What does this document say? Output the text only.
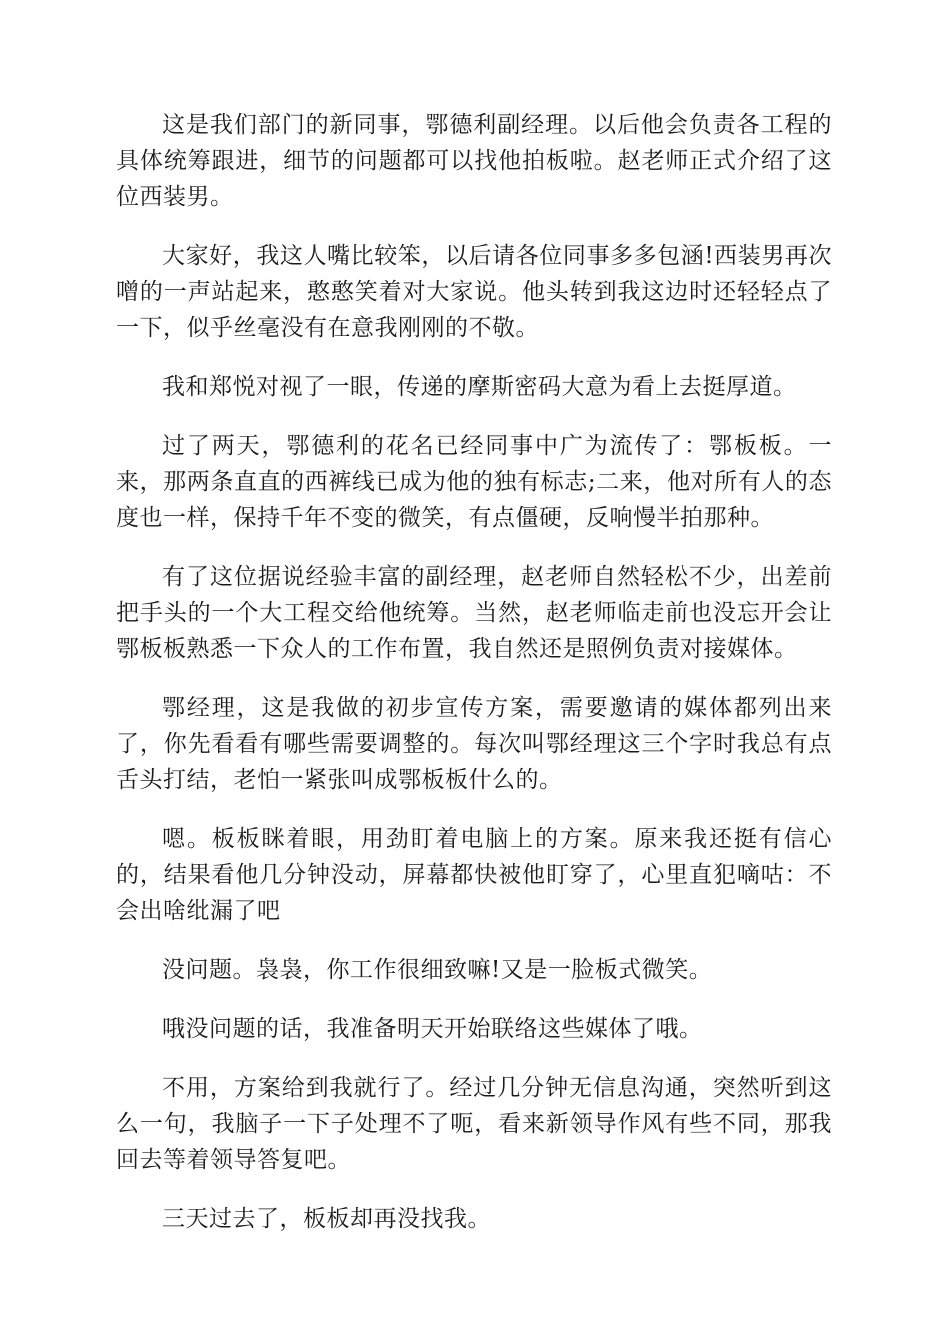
这是我们部门的新同事，鄂德利副经理。以后他会负责各工程的具体统筹跟进，细节的问题都可以找他拍板啦。赵老师正式介绍了这位西装男。

大家好，我这人嘴比较笨，以后请各位同事多多包涵!西装男再次噌的一声站起来，憨憨笑着对大家说。他头转到我这边时还轻轻点了一下，似乎丝毫没有在意我刚刚的不敬。

我和郑悦对视了一眼，传递的摩斯密码大意为看上去挺厚道。

过了两天，鄂德利的花名已经同事中广为流传了：鄂板板。一来，那两条直直的西裤线已成为他的独有标志;二来，他对所有人的态度也一样，保持千年不变的微笑，有点僵硬，反响慢半拍那种。

有了这位据说经验丰富的副经理，赵老师自然轻松不少，出差前把手头的一个大工程交给他统筹。当然，赵老师临走前也没忘开会让鄂板板熟悉一下众人的工作布置，我自然还是照例负责对接媒体。

鄂经理，这是我做的初步宣传方案，需要邀请的媒体都列出来了，你先看看有哪些需要调整的。每次叫鄂经理这三个字时我总有点舌头打结，老怕一紧张叫成鄂板板什么的。

嗯。板板眯着眼，用劲盯着电脑上的方案。原来我还挺有信心的，结果看他几分钟没动，屏幕都快被他盯穿了，心里直犯嘀咕：不会出啥纰漏了吧

没问题。袅袅，你工作很细致嘛!又是一脸板式微笑。

哦没问题的话，我准备明天开始联络这些媒体了哦。

不用，方案给到我就行了。经过几分钟无信息沟通，突然听到这么一句，我脑子一下子处理不了呃，看来新领导作风有些不同，那我回去等着领导答复吧。

三天过去了，板板却再没找我。
